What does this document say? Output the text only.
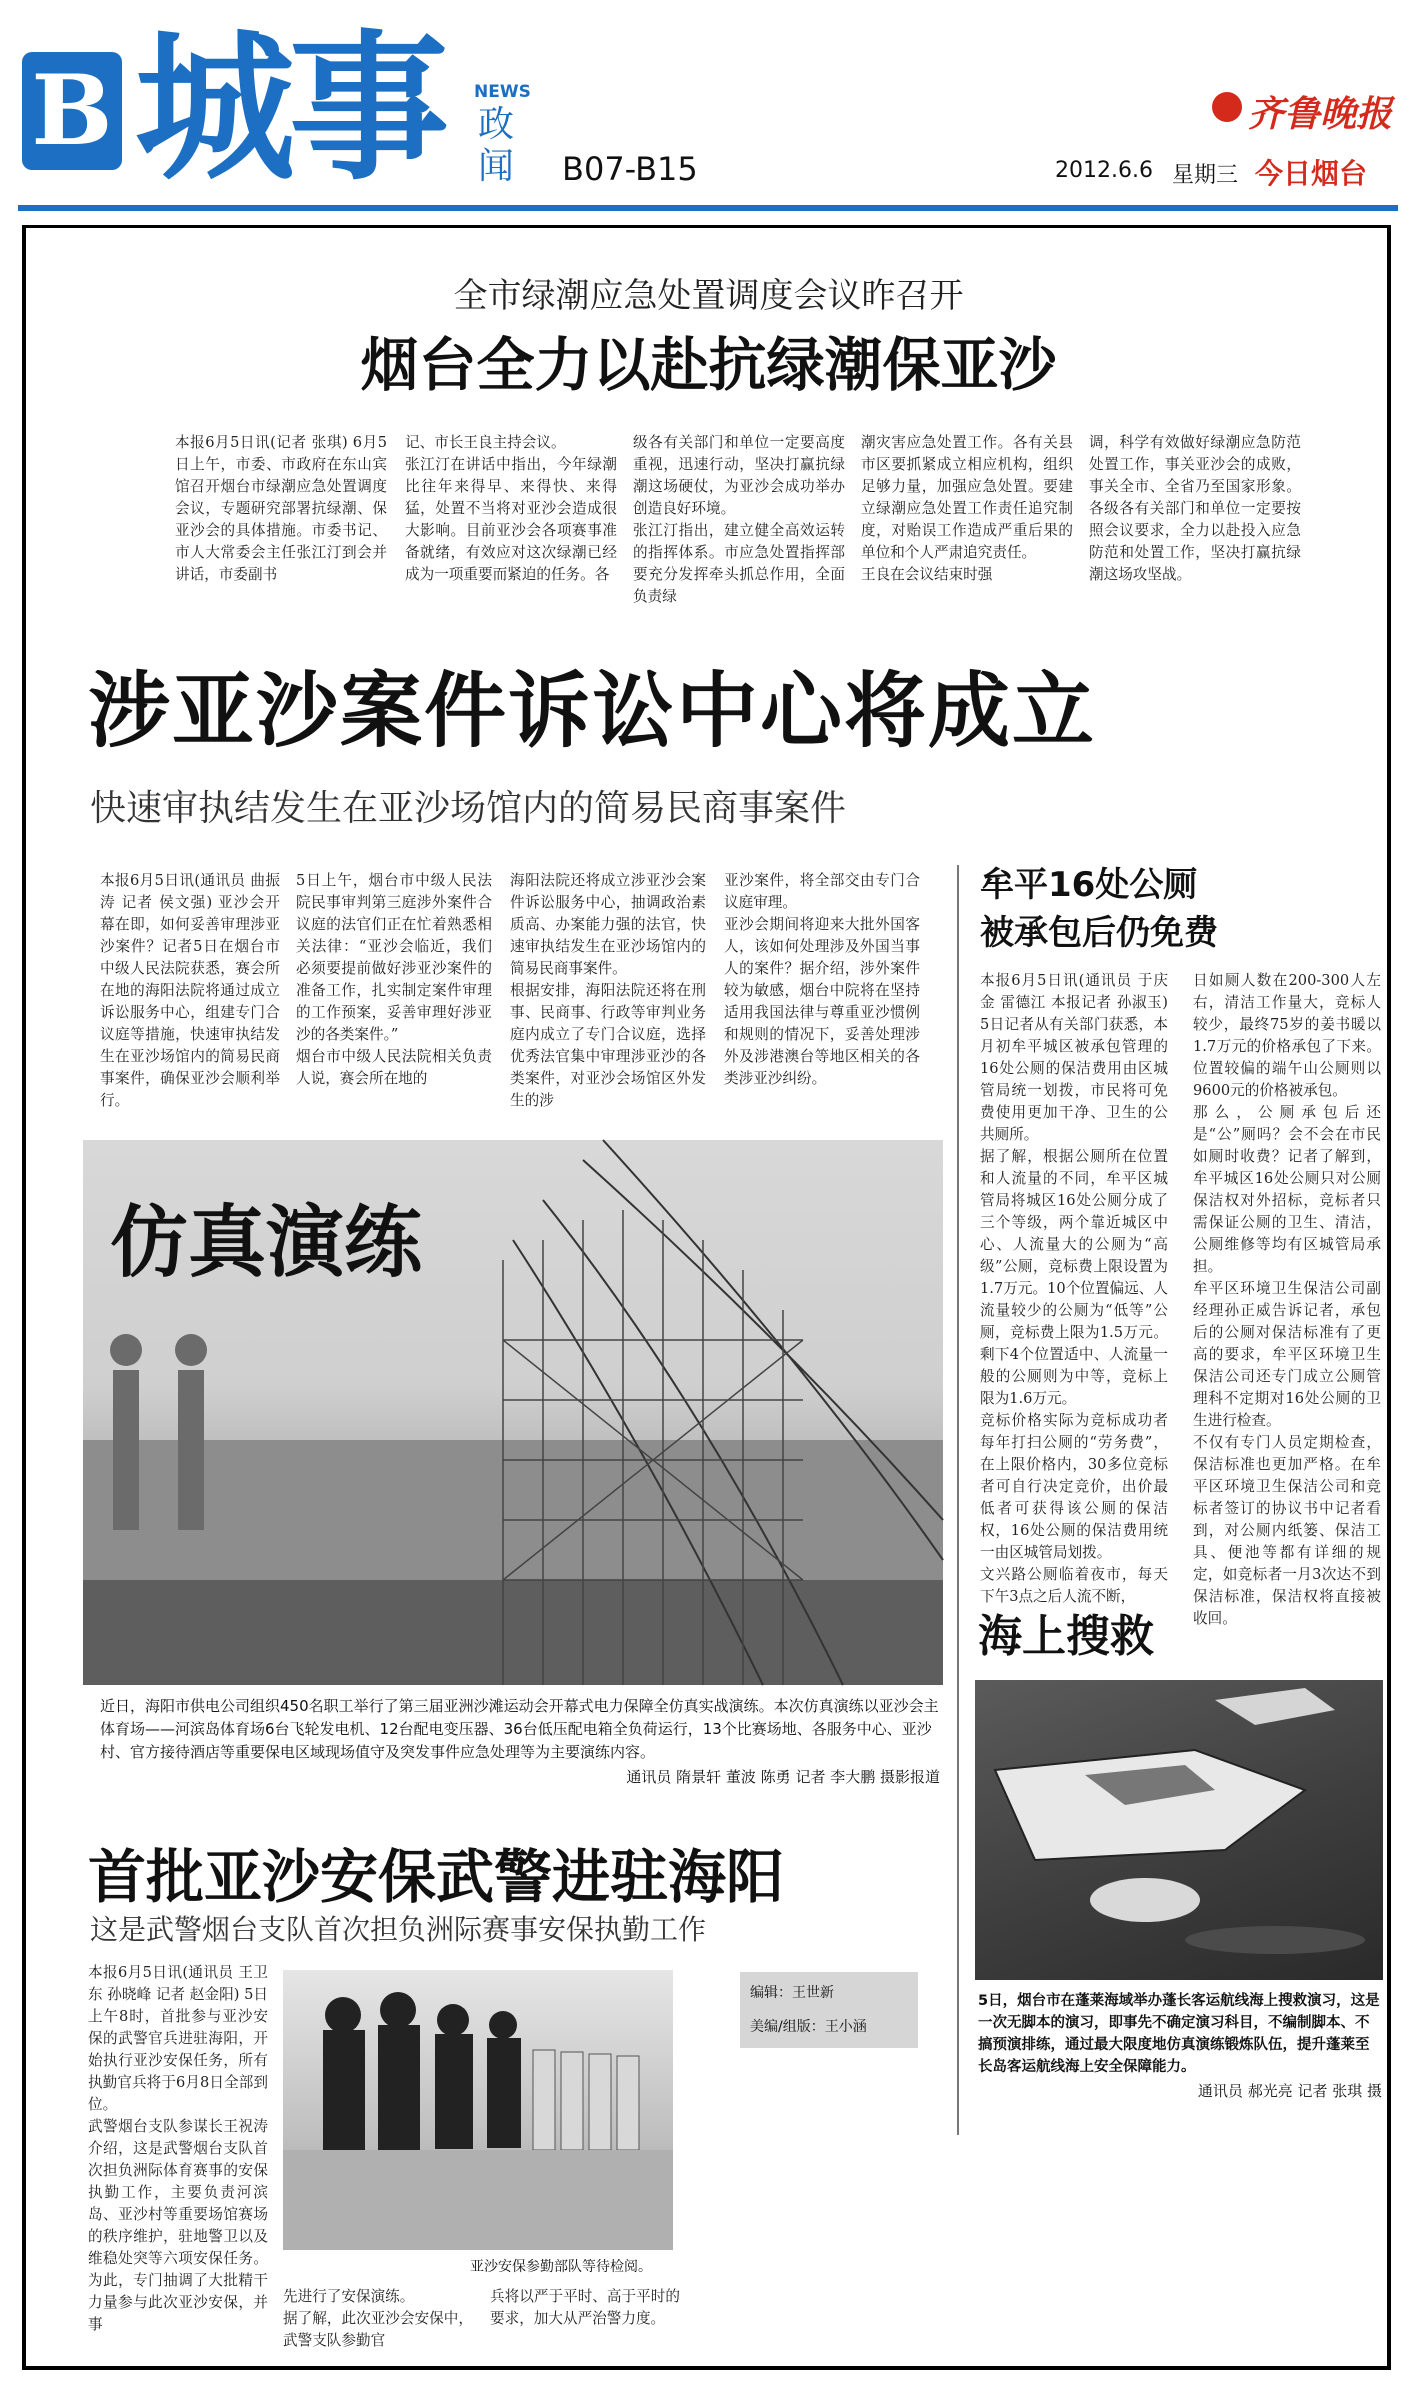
B 城事 NEWS
政闻 B07-B15
齐鲁晚报
2012.6.6 星期三 今日烟台
全市绿潮应急处置调度会议昨召开
烟台全力以赴抗绿潮保亚沙
本报6月5日讯(记者 张琪) 6月5日上午，市委、市政府在东山宾馆召开烟台市绿潮应急处置调度会议，专题研究部署抗绿潮、保亚沙会的具体措施。市委书记、市人大常委会主任张江汀到会并讲话，市委副书
记、市长王良主持会议。
张江汀在讲话中指出，今年绿潮比往年来得早、来得快、来得猛，处置不当将对亚沙会造成很大影响。目前亚沙会各项赛事准备就绪，有效应对这次绿潮已经成为一项重要而紧迫的任务。各
级各有关部门和单位一定要高度重视，迅速行动，坚决打赢抗绿潮这场硬仗，为亚沙会成功举办创造良好环境。
张江汀指出，建立健全高效运转的指挥体系。市应急处置指挥部要充分发挥牵头抓总作用，全面负责绿
潮灾害应急处置工作。各有关县市区要抓紧成立相应机构，组织足够力量，加强应急处置。要建立绿潮应急处置工作责任追究制度，对贻误工作造成严重后果的单位和个人严肃追究责任。
王良在会议结束时强
调，科学有效做好绿潮应急防范处置工作，事关亚沙会的成败，事关全市、全省乃至国家形象。各级各有关部门和单位一定要按照会议要求，全力以赴投入应急防范和处置工作，坚决打赢抗绿潮这场攻坚战。
涉亚沙案件诉讼中心将成立
快速审执结发生在亚沙场馆内的简易民商事案件
本报6月5日讯(通讯员 曲振涛 记者 侯文强) 亚沙会开幕在即，如何妥善审理涉亚沙案件？记者5日在烟台市中级人民法院获悉，赛会所在地的海阳法院将通过成立诉讼服务中心，组建专门合议庭等措施，快速审执结发生在亚沙场馆内的简易民商事案件，确保亚沙会顺利举行。
5日上午，烟台市中级人民法院民事审判第三庭涉外案件合议庭的法官们正在忙着熟悉相关法律：“亚沙会临近，我们必须要提前做好涉亚沙案件的准备工作，扎实制定案件审理的工作预案，妥善审理好涉亚沙的各类案件。”
烟台市中级人民法院相关负责人说，赛会所在地的
海阳法院还将成立涉亚沙会案件诉讼服务中心，抽调政治素质高、办案能力强的法官，快速审执结发生在亚沙场馆内的简易民商事案件。
根据安排，海阳法院还将在刑事、民商事、行政等审判业务庭内成立了专门合议庭，选择优秀法官集中审理涉亚沙的各类案件，对亚沙会场馆区外发生的涉
亚沙案件，将全部交由专门合议庭审理。
亚沙会期间将迎来大批外国客人，该如何处理涉及外国当事人的案件？据介绍，涉外案件较为敏感，烟台中院将在坚持适用我国法律与尊重亚沙惯例和规则的情况下，妥善处理涉外及涉港澳台等地区相关的各类涉亚沙纠纷。
仿真演练
近日，海阳市供电公司组织450名职工举行了第三届亚洲沙滩运动会开幕式电力保障全仿真实战演练。本次仿真演练以亚沙会主体育场——河滨岛体育场6台飞轮发电机、12台配电变压器、36台低压配电箱全负荷运行，13个比赛场地、各服务中心、亚沙村、官方接待酒店等重要保电区域现场值守及突发事件应急处理等为主要演练内容。
通讯员 隋景轩 董波 陈勇 记者 李大鹏 摄影报道
牟平16处公厕
被承包后仍免费
本报6月5日讯(通讯员 于庆金 雷德江 本报记者 孙淑玉) 5日记者从有关部门获悉，本月初牟平城区被承包管理的16处公厕的保洁费用由区城管局统一划拨，市民将可免费使用更加干净、卫生的公共厕所。
据了解，根据公厕所在位置和人流量的不同，牟平区城管局将城区16处公厕分成了三个等级，两个靠近城区中心、人流量大的公厕为“高级”公厕，竞标费上限设置为1.7万元。10个位置偏远、人流量较少的公厕为“低等”公厕，竞标费上限为1.5万元。剩下4个位置适中、人流量一般的公厕则为中等，竞标上限为1.6万元。
竞标价格实际为竞标成功者每年打扫公厕的“劳务费”，在上限价格内，30多位竞标者可自行决定竞价，出价最低者可获得该公厕的保洁权，16处公厕的保洁费用统一由区城管局划拨。
文兴路公厕临着夜市，每天下午3点之后人流不断，
日如厕人数在200-300人左右，清洁工作量大，竞标人较少，最终75岁的姜书暖以1.7万元的价格承包了下来。位置较偏的端午山公厕则以9600元的价格被承包。
那么，公厕承包后还是“公”厕吗？会不会在市民如厕时收费？记者了解到，牟平城区16处公厕只对公厕保洁权对外招标，竞标者只需保证公厕的卫生、清洁，公厕维修等均有区城管局承担。
牟平区环境卫生保洁公司副经理孙正威告诉记者，承包后的公厕对保洁标准有了更高的要求，牟平区环境卫生保洁公司还专门成立公厕管理科不定期对16处公厕的卫生进行检查。
不仅有专门人员定期检查，保洁标准也更加严格。在牟平区环境卫生保洁公司和竞标者签订的协议书中记者看到，对公厕内纸篓、保洁工具、便池等都有详细的规定，如竞标者一月3次达不到保洁标准，保洁权将直接被收回。
海上搜救
5日，烟台市在蓬莱海域举办蓬长客运航线海上搜救演习，这是一次无脚本的演习，即事先不确定演习科目，不编制脚本、不搞预演排练，通过最大限度地仿真演练锻炼队伍，提升蓬莱至长岛客运航线海上安全保障能力。
通讯员 郝光亮 记者 张琪 摄
首批亚沙安保武警进驻海阳
这是武警烟台支队首次担负洲际赛事安保执勤工作
本报6月5日讯(通讯员 王卫东 孙晓峰 记者 赵金阳) 5日上午8时，首批参与亚沙安保的武警官兵进驻海阳，开始执行亚沙安保任务，所有执勤官兵将于6月8日全部到位。
武警烟台支队参谋长王祝涛介绍，这是武警烟台支队首次担负洲际体育赛事的安保执勤工作，主要负责河滨岛、亚沙村等重要场馆赛场的秩序维护，驻地警卫以及维稳处突等六项安保任务。为此，专门抽调了大批精干力量参与此次亚沙安保，并事
亚沙安保参勤部队等待检阅。
编辑：王世新
美编/组版：王小涵
先进行了安保演练。
据了解，此次亚沙会安保中，武警支队参勤官
兵将以严于平时、高于平时的要求，加大从严治警力度。
